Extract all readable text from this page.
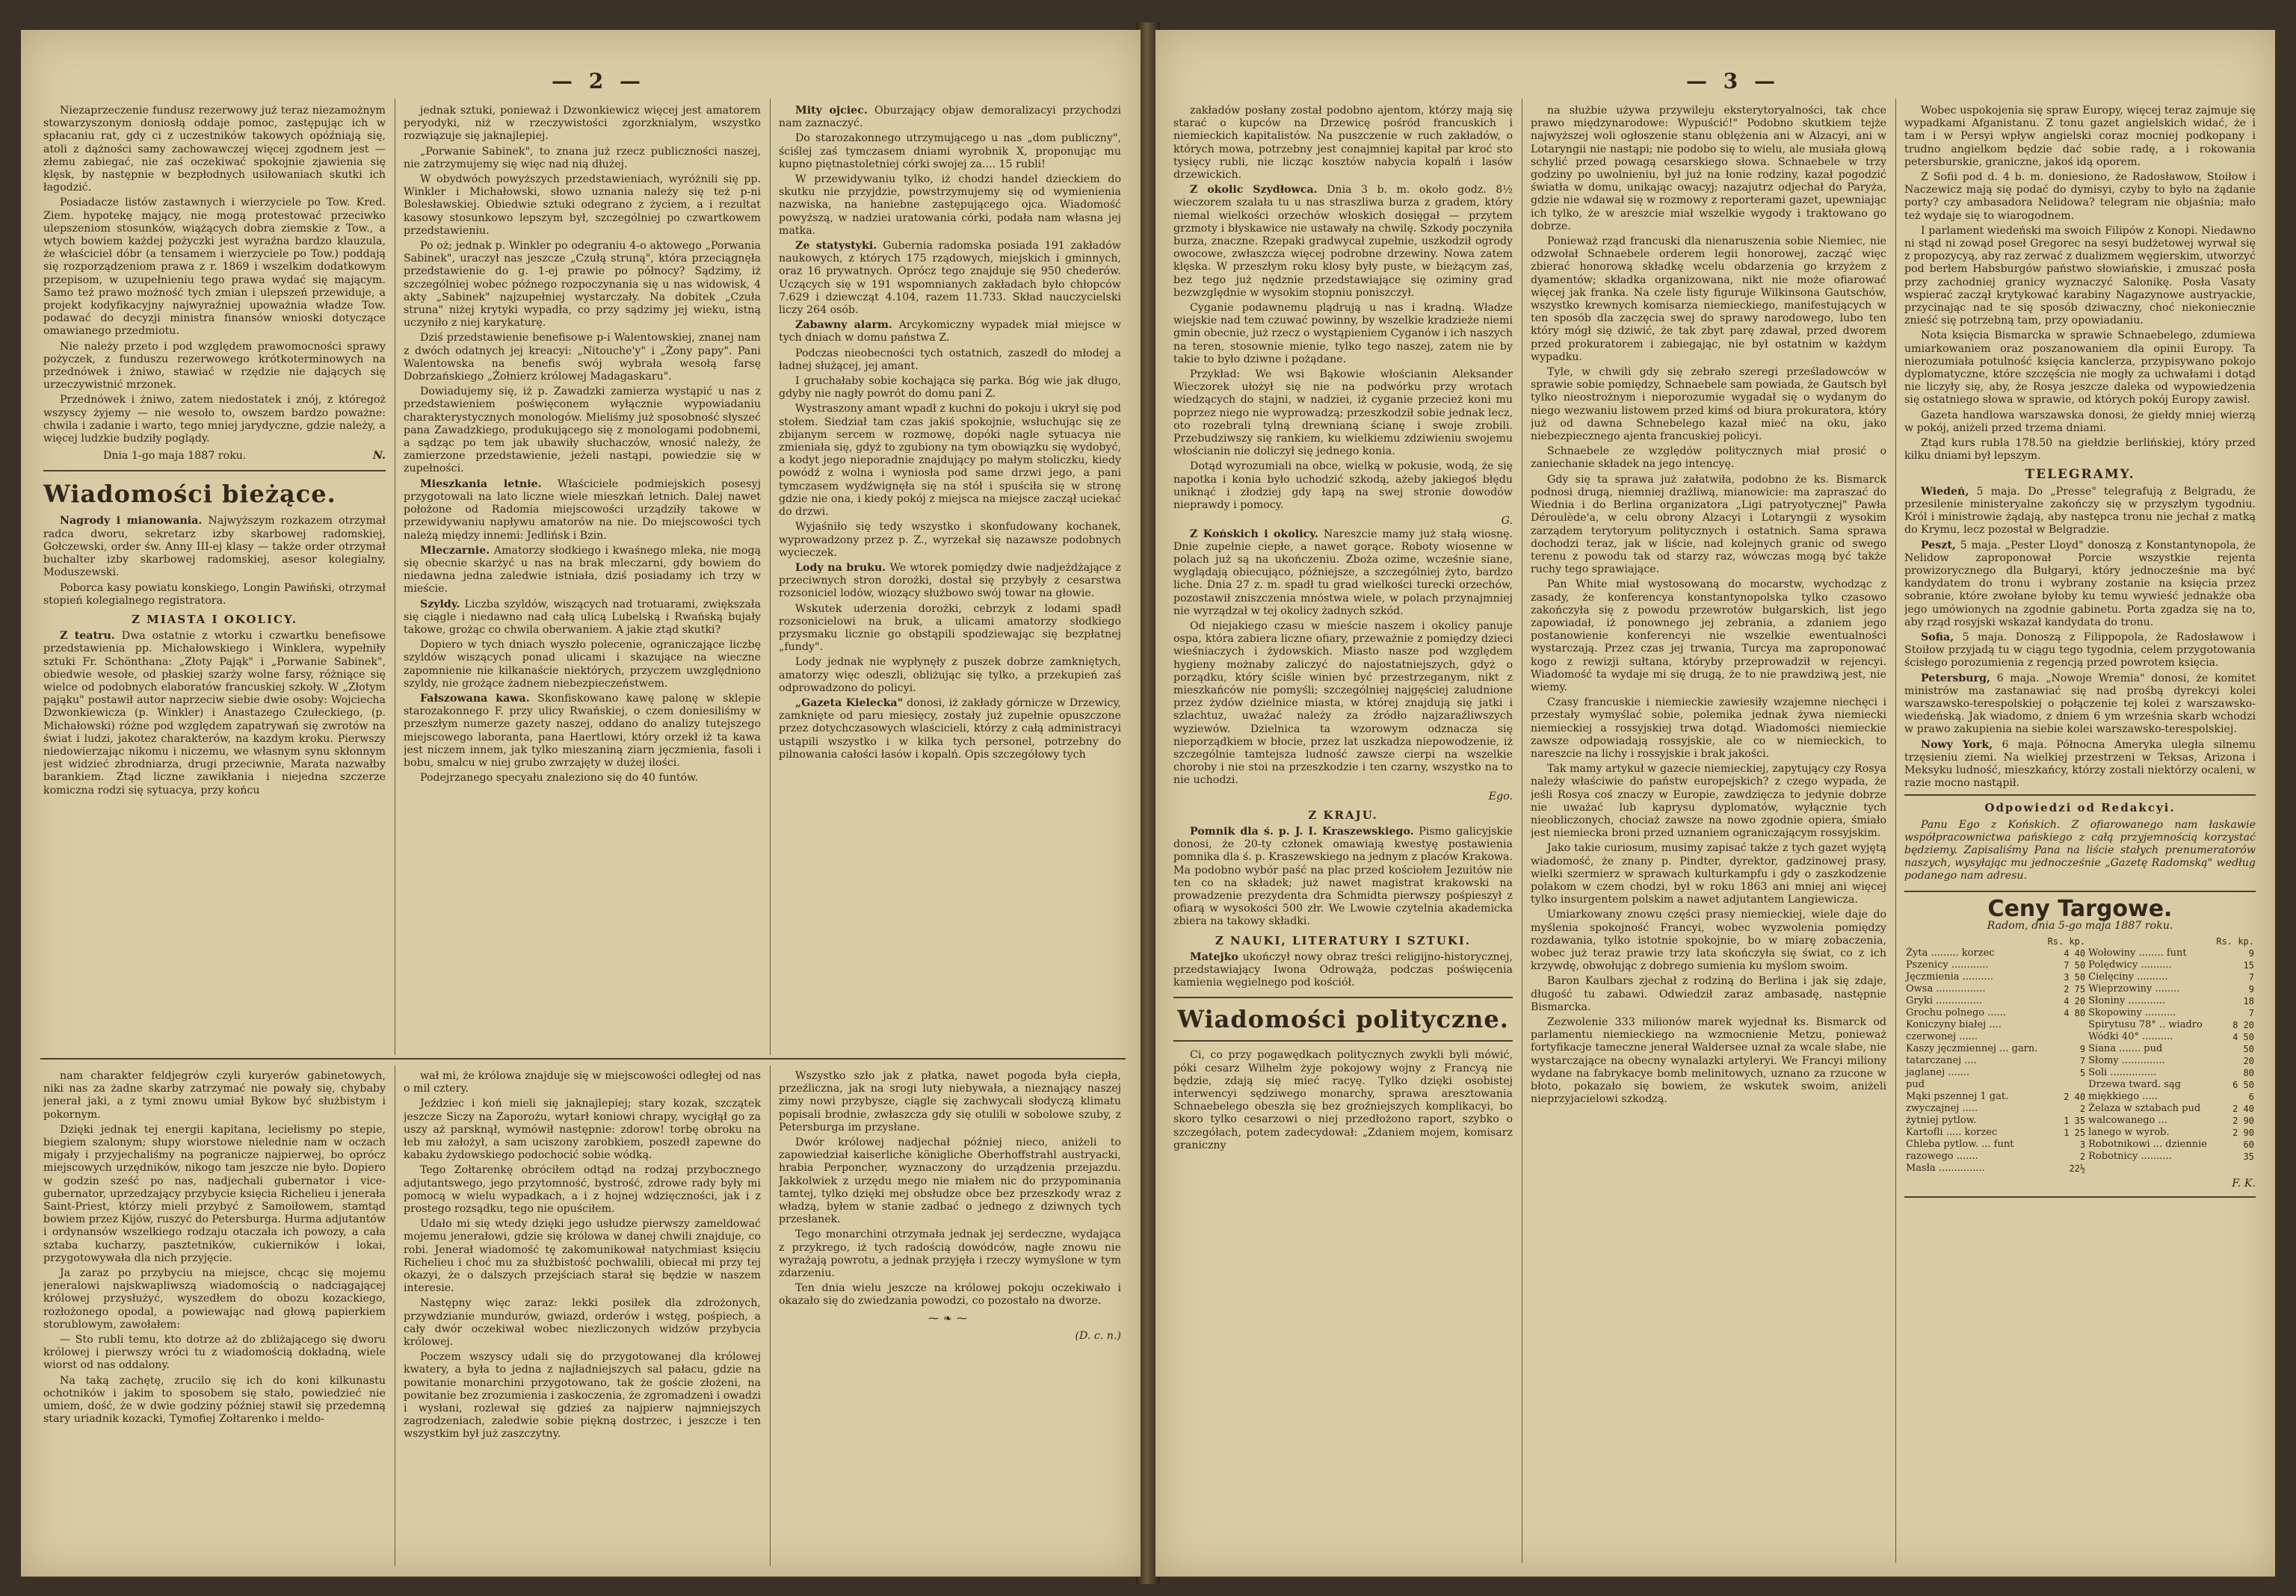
— 2 —

Niezaprzeczenie fundusz rezerwowy już teraz niezamożnym stowarzyszonym doniosłą oddaje pomoc, zastępując ich w spłacaniu rat, gdy ci z uczestników takowych opóźniają się, atoli z dążności samy zachowawczej więcej zgodnem jest — złemu zabiegać, nie zaś oczekiwać spokojnie zjawienia się klęsk, by następnie w bezpłodnych usiłowaniach skutki ich łagodzić.

Posiadacze listów zastawnych i wierzyciele po Tow. Kred. Ziem. hypotekę mający, nie mogą protestować przeciwko ulepszeniom stosunków, wiążących dobra ziemskie z Tow., a wtych bowiem każdej pożyczki jest wyraźna bardzo klauzula, że właściciel dóbr (a tensamem i wierzyciele po Tow.) poddają się rozporządzeniom prawa z r. 1869 i wszelkim dodatkowym przepisom, w uzupełnieniu tego prawa wydać się mającym. Samo też prawo możność tych zmian i ulepszeń przewiduje, a projekt kodyfikacyjny najwyraźniej upoważnia władze Tow. podawać do decyzji ministra finansów wnioski dotyczące omawianego przedmiotu.

Nie należy przeto i pod względem prawomocności sprawy pożyczek, z funduszu rezerwowego krótkoterminowych na przednówek i żniwo, stawiać w rzędzie nie dających się urzeczywistnić mrzonek.

Przednówek i żniwo, zatem niedostatek i znój, z któregoż wszyscy żyjemy — nie wesoło to, owszem bardzo poważne: chwila i zadanie i warto, tego mniej jarydyczne, gdzie należy, a więcej ludzkie budziły poglądy.

Dnia 1-go maja 1887 roku.	N.
Wiadomości bieżące.

Nagrody i mianowania. Najwyższym rozkazem otrzymał radca dworu, sekretarz izby skarbowej radomskiej, Gołczewski, order św. Anny III-ej klasy — także order otrzymał buchalter izby skarbowej radomskiej, asesor kolegialny, Moduszewski.

Poborca kasy powiatu konskiego, Longin Pawiński, otrzymał stopień kolegialnego registratora.

Z MIASTA I OKOLICY.

Z teatru. Dwa ostatnie z wtorku i czwartku benefisowe przedstawienia pp. Michałowskiego i Winklera, wypełniły sztuki Fr. Schönthana: „Złoty Pająk" i „Porwanie Sabinek", obiedwie wesołe, od płaskiej szarży wolne farsy, różniące się wielce od podobnych elaboratów francuskiej szkoły. W „Złotym pająku" postawił autor naprzeciw siebie dwie osoby: Wojciecha Dzwonkiewicza (p. Winkler) i Anastazego Czułeckiego, (p. Michałowski) różne pod względem zapatrywań się zwrotów na świat i ludzi, jakotez charakterów, na kazdym kroku. Pierwszy niedowierzając nikomu i niczemu, we własnym synu skłonnym jest widzieć zbrodniarza, drugi przeciwnie, Marata nazwałby barankiem. Ztąd liczne zawikłania i niejedna szczerze komiczna rodzi się sytuacya, przy końcu

jednak sztuki, ponieważ i Dzwonkiewicz więcej jest amatorem peryodyki, niż w rzeczywistości zgorzknialym, wszystko rozwiązuje się jaknajlepiej.

„Porwanie Sabinek", to znana już rzecz publiczności naszej, nie zatrzymujemy się więc nad nią dłużej.

W obydwóch powyższych przedstawieniach, wyróżnili się pp. Winkler i Michałowski, słowo uznania należy się też p-ni Bolesławskiej. Obiedwie sztuki odegrano z życiem, a i rezultat kasowy stosunkowo lepszym był, szczególniej po czwartkowem przedstawieniu.

Po oż; jednak p. Winkler po odegraniu 4-o aktowego „Porwania Sabinek", uraczył nas jeszcze „Czułą struną", która przeciągnęła przedstawienie do g. 1-ej prawie po północy? Sądzimy, iż szczególniej wobec późnego rozpoczynania się u nas widowisk, 4 akty „Sabinek" najzupełniej wystarczały. Na dobitek „Czuła struna" niżej krytyki wypadła, co przy sądzimy jej wieku, istną uczyniło z niej karykaturę.

Dziś przedstawienie benefisowe p-i Walentowskiej, znanej nam z dwóch odatnych jej kreacyi: „Nitouche'y" i „Żony papy". Pani Walentowska na benefis swój wybrała wesołą farsę Dobrzańskiego „Żołnierz królowej Madagaskaru".

Dowiadujemy się, iż p. Zawadzki zamierza wystąpić u nas z przedstawieniem poświęconem wyłącznie wypowiadaniu charakterystycznych monologów. Mieliśmy już sposobność słyszeć pana Zawadzkiego, produkującego się z monologami podobnemi, a sądząc po tem jak ubawiły słuchaczów, wnosić należy, że zamierzone przedstawienie, jeżeli nastąpi, powiedzie się w zupełności.

Mieszkania letnie. Właściciele podmiejskich posesyj przygotowali na lato liczne wiele mieszkań letnich. Dalej nawet położone od Radomia miejscowości urządziły takowe w przewidywaniu napływu amatorów na nie. Do miejscowości tych należą między innemi: Jedlińsk i Bzin.

Mleczarnie. Amatorzy słodkiego i kwaśnego mleka, nie mogą się obecnie skarżyć u nas na brak mleczarni, gdy bowiem do niedawna jedna zaledwie istniała, dziś posiadamy ich trzy w mieście.

Szyldy. Liczba szyldów, wiszących nad trotuarami, zwiększała się ciągle i niedawno nad całą ulicą Lubelską i Rwańską bujały takowe, grożąc co chwila oberwaniem. A jakie ztąd skutki?

Dopiero w tych dniach wyszło polecenie, ograniczające liczbę szyldów wiszących ponad ulicami i skazujące na wieczne zapomnienie nie kilkanaście niektórych, przyczem uwzględniono szyldy, nie grożące żadnem niebezpieczeństwem.

Fałszowana kawa. Skonfiskowano kawę palonę w sklepie starozakonnego F. przy ulicy Rwańskiej, o czem doniesiliśmy w przeszłym numerze gazety naszej, oddano do analizy tutejszego miejscowego laboranta, pana Haertlowi, który orzekł iż ta kawa jest niczem innem, jak tylko mieszaniną ziarn jęczmienia, fasoli i bobu, smalcu w niej grubo zwrzajęty w dużej ilości.

Podejrzanego specyału znaleziono się do 40 funtów.

Mity ojciec. Oburzający objaw demoralizacyi przychodzi nam zaznaczyć.

Do starozakonnego utrzymującego u nas „dom publiczny", ściślej zaś tymczasem dniami wyrobnik X, proponując mu kupno piętnastoletniej córki swojej za.... 15 rubli!

W przewidywaniu tylko, iż chodzi handel dzieckiem do skutku nie przyjdzie, powstrzymujemy się od wymienienia nazwiska, na haniebne zastępującego ojca. Wiadomość powyższą, w nadziei uratowania córki, podała nam własna jej matka.

Ze statystyki. Gubernia radomska posiada 191 zakładów naukowych, z których 175 rządowych, miejskich i gminnych, oraz 16 prywatnych. Oprócz tego znajduje się 950 chederów. Uczących się w 191 wspomnianych zakładach było chłopców 7.629 i dziewcząt 4.104, razem 11.733. Skład nauczycielski liczy 264 osób.

Zabawny alarm. Arcykomiczny wypadek miał miejsce w tych dniach w domu państwa Z.

Podczas nieobecności tych ostatnich, zaszedł do młodej a ładnej służącej, jej amant.

I gruchałaby sobie kochająca się parka. Bóg wie jak długo, gdyby nie nagły powrót do domu pani Z.

Wystraszony amant wpadł z kuchni do pokoju i ukrył się pod stołem. Siedział tam czas jakiś spokojnie, wsłuchując się ze zbijanym sercem w rozmowę, dopóki nagle sytuacya nie zmieniała się, gdyż to zgubiony na tym obowiązku się wydobyć, a kodyt jego nieporadnie znajdujący po małym stoliczku, kiedy powódź z wolna i wyniosła pod same drzwi jego, a pani tymczasem wydźwignęła się na stół i spuściła się w stronę gdzie nie ona, i kiedy pokój z miejsca na miejsce zaczął uciekać do drzwi.

Wyjaśniło się tedy wszystko i skonfudowany kochanek, wyprowadzony przez p. Z., wyrzekał się nazawsze podobnych wycieczek.

Lody na bruku. We wtorek pomiędzy dwie nadjeżdżające z przeciwnych stron dorożki, dostał się przybyły z cesarstwa rozsoniciel lodów, wiozący służbowo swój towar na głowie.

Wskutek uderzenia dorożki, cebrzyk z lodami spadł rozsonicielowi na bruk, a ulicami amatorzy słodkiego przysmaku licznie go obstąpili spodziewając się bezpłatnej „fundy".

Lody jednak nie wypłynęły z puszek dobrze zamkniętych, amatorzy więc odeszli, obliżując się tylko, a przekupień zaś odprowadzono do policyi.

„Gazeta Kielecka" donosi, iż zakłady górnicze w Drzewicy, zamknięte od paru miesięcy, zostały już zupełnie opuszczone przez dotychczasowych wlaścicieli, którzy z całą administracyi ustąpili wszystko i w kilka tych personel, potrzebny do pilnowania całości łasów i kopalń. Opis szczegółowy tych

nam charakter feldjegrów czyli kuryerów gabinetowych, niki nas za żadne skarby zatrzymać nie powały się, chybaby jenerał jaki, a z tymi znowu umiał Bykow być służbistym i pokornym.

Dzięki jednak tej energii kapitana, leciełismy po stepie, biegiem szalonym; słupy wiorstowe nielednie nam w oczach migały i przyjechaliśmy na pogranicze najpierwej, bo oprócz miejscowych urzędników, nikogo tam jeszcze nie było. Dopiero w godzin sześć po nas, nadjechali gubernator i vice-gubernator, uprzedzający przybycie księcia Richelieu i jenerała Saint-Priest, którzy mieli przybyć z Samoiłowem, stamtąd bowiem przez Kijów, ruszyć do Petersburga. Hurma adjutantów i ordynansów wszelkiego rodzaju otaczała ich powozy, a cała sztaba kucharzy, pasztetników, cukierników i lokai, przygotowywała dla nich przyjęcie.

Ja zaraz po przybyciu na miejsce, chcąc się mojemu jeneralowi najskwapliwszą wiadomością o nadciągającej królowej przysłużyć, wyszedłem do obozu kozackiego, rozłożonego opodal, a powiewając nad głową papierkiem storublowym, zawołałem:

— Sto rubli temu, kto dotrze aż do zbliżającego się dworu królowej i pierwszy wróci tu z wiadomością dokładną, wiele wiorst od nas oddalony.

Na taką zachętę, zrucilo się ich do koni kilkunastu ochotników i jakim to sposobem się stało, powiedzieć nie umiem, dość, że w dwie godziny później stawił się przedemną stary uriadnik kozacki, Tymofiej Zołtarenko i meldo-

wał mi, że królowa znajduje się w miejscowości odległej od nas o mil cztery.

Jeździec i koń mieli się jaknajlepiej; stary kozak, szczątek jeszcze Siczy na Zaporożu, wytarł koniowi chrapy, wycigłął go za uszy aż parsknął, wymówił następnie: zdorow! torbę obroku na łeb mu założył, a sam uciszony zarobkiem, poszedł zapewne do kabaku żydowskiego podochocić sobie wódką.

Tego Zołtarenkę obróciłem odtąd na rodzaj przybocznego adjutantswego, jego przytomność, bystrość, zdrowe rady były mi pomocą w wielu wypadkach, a i z hojnej wdzięczności, jak i z prostego rozsądku, tego nie opuściłem.

Udało mi się wtedy dzięki jego usłudze pierwszy zameldować mojemu jenerałowi, gdzie się królowa w danej chwili znajduje, co robi. Jenerał wiadomość tę zakomunikował natychmiast księciu Richelieu i choć mu za służbistość pochwalili, obiecał mi przy tej okazyi, że o dalszych przejściach starał się będzie w naszem interesie.

Następny więc zaraz: lekki posiłek dla zdrożonych, przywdzianie mundurów, gwiazd, orderów i wstęg, pośpiech, a cały dwór oczekiwał wobec niezliczonych widzów przybycia królowej.

Poczem wszyscy udali się do przygotowanej dla królowej kwatery, a była to jedna z najładniejszych sal pałacu, gdzie na powitanie monarchini przygotowano, tak że goście złożeni, na powitanie bez zrozumienia i zaskoczenia, że zgromadzeni i owadzi i wysłani, rozlewał się gdzieś za najpierw najmniejszych zagrodzeniach, zaledwie sobie piękną dostrzec, i jeszcze i ten wszystkim był już zaszczytny.

Wszystko szło jak z płatka, nawet pogoda była ciepła, przeźliczna, jak na srogi luty niebywała, a nieznający naszej zimy nowi przybysze, ciągle się zachwycali słodyczą klimatu popisali brodnie, zwłaszcza gdy się otulili w sobolowe szuby, z Petersburga im przysłane.

Dwór królowej nadjechał później nieco, aniżeli to zapowiedział kaiserliche königliche Oberhoffstrahl austryacki, hrabia Perponcher, wyznaczony do urządzenia przejazdu. Jakkolwiek z urzędu mego nie miałem nic do przypominania tamtej, tylko dzięki mej obsłudze obce bez przeszkody wraz z władzą, byłem w stanie zadbać o jednego z dziwnych tych przesłanek.

Tego monarchini otrzymała jednak jej serdeczne, wydająca z przykrego, iż tych radością dowódców, nagłe znowu nie wyrażają powrotu, a jednak przyjęła i rzeczy wymyślone w tym zdarzeniu.

Ten dnia wielu jeszcze na królowej pokoju oczekiwało i okazało się do zwiedzania powodzi, co pozostało na dworze.

⁓❧⁓
(D. c. n.)
— 3 —

zakładów posłany został podobno ajentom, którzy mają się starać o kupców na Drzewicę pośród francuskich i niemieckich kapitalistów. Na puszczenie w ruch zakładów, o których mowa, potrzebny jest conajmniej kapitał par kroć sto tysięcy rubli, nie licząc kosztów nabycia kopalń i lasów drzewickich.

Z okolic Szydłowca. Dnia 3 b. m. około godz. 8½ wieczorem szalała tu u nas straszliwa burza z gradem, który niemal wielkości orzechów włoskich dosięgał — przytem grzmoty i błyskawice nie ustawały na chwilę. Szkody poczyniła burza, znaczne. Rzepaki gradwycał zupełnie, uszkodził ogrody owocowe, zwłaszcza więcej podrobne drzewiny. Nowa zatem klęska. W przeszłym roku klosy były puste, w bieżącym zaś, bez tego już nędznie przedstawiające się oziminy grad bezwzględnie w wysokim stopniu poniszczył.

Cyganie podawnemu plądrują u nas i kradną. Władze wiejskie nad tem czuwać powinny, by wszelkie kradzieże niemi gmin obecnie, już rzecz o wystąpieniem Cyganów i ich naszych na teren, stosownie mienie, tylko tego naszej, zatem nie by takie to było dziwne i pożądane.

Przykład: We wsi Bąkowie włościanin Aleksander Wieczorek ułożył się nie na podwórku przy wrotach wiedzących do stajni, w nadziei, iż cyganie przecież koni mu poprzez niego nie wyprowadzą; przeszkodził sobie jednak lecz, oto rozebrali tylną drewnianą ścianę i swoje zrobili. Przebudziwszy się rankiem, ku wielkiemu zdziwieniu swojemu włościanin nie doliczył się jednego konia.

Dotąd wyrozumiali na obce, wielką w pokusie, wodą, że się napotka i konia było uchodzić szkodą, ażeby jakiegoś błędu uniknąć i złodziej gdy łapą na swej stronie dowodów nieprawdy i pomocy.

G.

Z Końskich i okolicy. Nareszcie mamy już stałą wiosnę. Dnie zupełnie ciepłe, a nawet gorące. Roboty wiosenne w polach już są na ukończeniu. Zboża ozime, wcześnie siane, wyglądają obiecująco, późniejsze, a szczególniej żyto, bardzo liche. Dnia 27 z. m. spadł tu grad wielkości turecki orzechów, pozostawił zniszczenia mnóstwa wiele, w polach przynajmniej nie wyrządzał w tej okolicy żadnych szkód.

Od niejakiego czasu w mieście naszem i okolicy panuje ospa, która zabiera liczne ofiary, przeważnie z pomiędzy dzieci wieśniaczych i żydowskich. Miasto nasze pod względem hygieny możnaby zaliczyć do najostatniejszych, gdyż o porządku, który ściśle winien być przestrzeganym, nikt z mieszkańców nie pomyśli; szczególniej najgęściej zaludnione przez żydów dzielnice miasta, w której znajdują się jatki i szlachtuz, uważać należy za źródło najzaraźliwszych wyziewów. Dzielnica ta wzorowym odznacza się nieporządkiem w błocie, przez lat uszkadza niepowodzenie, iż szczególnie tamtejsza ludność zawsze cierpi na wszelkie choroby i nie stoi na przeszkodzie i ten czarny, wszystko na to nie uchodzi.

Ego.
Z KRAJU.

Pomnik dla ś. p. J. I. Kraszewskiego. Pismo galicyjskie donosi, że 20-ty członek omawiają kwestyę postawienia pomnika dla ś. p. Kraszewskiego na jednym z placów Krakowa. Ma podobno wybór paść na plac przed kościołem Jezuitów nie ten co na składek; już nawet magistrat krakowski na prowadzenie prezydenta dra Schmidta pierwszy pośpieszył z ofiarą w wysokości 500 złr. We Lwowie czytelnia akademicka zbiera na takowy składki.

Z NAUKI, LITERATURY I SZTUKI.

Matejko ukończył nowy obraz treści religijno-historycznej, przedstawiający Iwona Odrowąża, podczas poświęcenia kamienia węgielnego pod kościół.

Wiadomości polityczne.

Ci, co przy pogawędkach politycznych zwykli byli mówić, póki cesarz Wilhelm żyje pokojowy wojny z Francyą nie będzie, zdają się mieć racyę. Tylko dzięki osobistej interwencyi sędziwego monarchy, sprawa aresztowania Schnaebelego obeszła się bez groźniejszych komplikacyi, bo skoro tylko cesarzowi o niej przedłożono raport, szybko o szczegółach, potem zadecydował: „Zdaniem mojem, komisarz graniczny

na służbie używa przywileju eksterytoryalności, tak chce prawo międzynarodowe: Wypuścić!" Podobno skutkiem tejże najwyższej woli ogłoszenie stanu oblężenia ani w Alzacyi, ani w Lotaryngii nie nastąpi; nie podobo się to wielu, ale musiała głową schylić przed powagą cesarskiego słowa. Schnaebele w trzy godziny po uwolnieniu, był już na łonie rodziny, kazał pogodzić światła w domu, unikając owacyj; nazajutrz odjechał do Paryża, gdzie nie wdawał się w rozmowy z reporterami gazet, upewniając ich tylko, że w areszcie miał wszelkie wygody i traktowano go dobrze.

Ponieważ rząd francuski dla nienaruszenia sobie Niemiec, nie odzwołał Schnaebele orderem legii honorowej, zacząć więc zbierać honorową składkę wcelu obdarzenia go krzyżem z dyamentów; składka organizowana, nikt nie może ofiarować więcej jak franka. Na czele listy figuruje Wilkinsona Gautschów, wszystko krewnych komisarza niemieckiego, manifestujących w ten sposób dla zaczęcia swej do sprawy narodowego, lubo ten który mógł się dziwić, że tak zbyt parę zdawał, przed dworem przed prokuratorem i zabiegając, nie był ostatnim w każdym wypadku.

Tyle, w chwili gdy się zebrało szeregi prześladowców w sprawie sobie pomiędzy, Schnaebele sam powiada, że Gautsch był tylko nieostrożnym i nieporozumie wygadał się o wydanym do niego wezwaniu listowem przed kimś od biura prokuratora, który już od dawna Schnebelego kazał mieć na oku, jako niebezpiecznego ajenta francuskiej policyi.

Schnaebele ze względów politycznych miał prosić o zaniechanie składek na jego intencyę.

Gdy się ta sprawa już załatwiła, podobno że ks. Bismarck podnosi drugą, niemniej drażliwą, mianowicie: ma zapraszać do Wiednia i do Berlina organizatora „Ligi patryotycznej" Pawła Déroulède'a, w celu obrony Alzacyi i Lotaryngii z wysokim zarządem terytoryum politycznych i ostatnich. Sama sprawa dochodzi teraz, jak w liście, nad kolejnych granic od swego terenu z powodu tak od starzy raz, wówczas mogą być także ruchy tego sprawiające.

Pan White miał wystosowaną do mocarstw, wychodząc z zasady, że konferencya konstantynopolska tylko czasowo zakończyła się z powodu przewrotów bułgarskich, list jego zapowiadał, iż ponownego jej zebrania, a zdaniem jego postanowienie konferencyi nie wszelkie ewentualności wystarczają. Przez czas jej trwania, Turcya ma zaproponować kogo z rewizji sułtana, któryby przeprowadził w rejencyi. Wiadomość ta wydaje mi się drugą, że to nie prawdziwą jest, nie wiemy.

Czasy francuskie i niemieckie zawiesiły wzajemne niechęci i przestały wymyślać sobie, polemika jednak żywa niemiecki niemieckiej a rossyjskiej trwa dotąd. Wiadomości niemieckie zawsze odpowiadają rossyjskie, ale co w niemieckich, to nareszcie na lichy i rossyjskie i brak jakości.

Tak mamy artykuł w gazecie niemieckiej, zapytujący czy Rosya należy właściwie do państw europejskich? z czego wypada, że jeśli Rosya coś znaczy w Europie, zawdzięcza to jedynie dobrze nie uważać lub kaprysu dyplomatów, wyłącznie tych nieobliczonych, chociaż zawsze na nowo zgodnie opiera, śmiało jest niemiecka broni przed uznaniem ograniczającym rossyjskim.

Jako takie curiosum, musimy zapisać także z tych gazet wyjętą wiadomość, że znany p. Pindter, dyrektor, gadzinowej prasy, wielki szermierz w sprawach kulturkampfu i gdy o zaszkodzenie polakom w czem chodzi, był w roku 1863 ani mniej ani więcej tylko insurgentem polskim a nawet adjutantem Langiewicza.

Umiarkowany znowu części prasy niemieckiej, wiele daje do myślenia spokojność Francyi, wobec wyzwolenia pomiędzy rozdawania, tylko istotnie spokojnie, bo w miarę zobaczenia, wobec już teraz prawie trzy lata skończyła się świat, co z ich krzywdę, obwołując z dobrego sumienia ku myślom swoim.

Baron Kaulbars zjechał z rodziną do Berlina i jak się zdaje, długość tu zabawi. Odwiedził zaraz ambasadę, następnie Bismarcka.

Zezwolenie 333 milionów marek wyjednał ks. Bismarck od parlamentu niemieckiego na wzmocnienie Metzu, ponieważ fortyfikacje tameczne jenerał Waldersee uznał za wcale słabe, nie wystarczające na obecny wynalazki artyleryi. We Francyi miliony wydane na fabrykacye bomb melinitowych, uznano za rzucone w błoto, pokazało się bowiem, że wskutek swoim, aniżeli nieprzyjacielowi szkodzą.

Wobec uspokojenia się spraw Europy, więcej teraz zajmuje się wypadkami Afganistanu. Z tonu gazet angielskich widać, że i tam i w Persyi wpływ angielski coraz mocniej podkopany i trudno angielkom będzie dać sobie radę, a i rokowania petersburskie, graniczne, jakoś idą oporem.

Z Sofii pod d. 4 b. m. doniesiono, że Radosławow, Stoiłow i Naczewicz mają się podać do dymisyi, czyby to było na żądanie porty? czy ambasadora Nelidowa? telegram nie objaśnia; mało też wydaje się to wiarogodnem.

I parlament wiedeński ma swoich Filipów z Konopi. Niedawno ni stąd ni zowąd poseł Gregorec na sesyi budżetowej wyrwał się z propozycyą, aby raz zerwać z dualizmem węgierskim, utworzyć pod berłem Habsburgów państwo słowiańskie, i zmuszać posła przy zachodniej granicy wyznaczyć Salonikę. Posła Vasaty wspierać zaczął krytykować karabiny Nagazynowe austryackie, przycinając nad te się sposób dziwaczny, choć niekoniecznie znieść się potrzebną tam, przy opowiadaniu.

Nota księcia Bismarcka w sprawie Schnaebelego, zdumiewa umiarkowaniem oraz poszanowaniem dla opinii Europy. Ta nierozumiała potulność księcia kanclerza, przypisywano pokojo dyplomatyczne, które szczęścia nie mogły za uchwałami i dotąd nie liczyły się, aby, że Rosya jeszcze daleka od wypowiedzenia się ostatniego słowa w sprawie, od których pokój Europy zawisł.

Gazeta handlowa warszawska donosi, że giełdy mniej wierzą w pokój, aniżeli przed trzema dniami.

Ztąd kurs rubla 178.50 na giełdzie berlińskiej, który przed kilku dniami był lepszym.

TELEGRAMY.

Wiedeń, 5 maja. Do „Presse" telegrafują z Belgradu, że przesilenie ministeryalne zakończy się w przyszłym tygodniu. Król i ministrowie żądają, aby następca tronu nie jechał z matką do Krymu, lecz pozostał w Belgradzie.

Peszt, 5 maja. „Pester Lloyd" donoszą z Konstantynopola, że Nelidow zaproponował Porcie wszystkie rejenta prowizorycznego dla Bułgaryi, który jednocześnie ma być kandydatem do tronu i wybrany zostanie na księcia przez sobranie, które zwołane byłoby ku temu wywieść jednakże oba jego umówionych na zgodnie gabinetu. Porta zgadza się na to, aby rząd rosyjski wskazał kandydata do tronu.

Sofia, 5 maja. Donoszą z Filippopola, że Radosławow i Stoiłow przyjadą tu w ciągu tego tygodnia, celem przygotowania ścisłego porozumienia z regencją przed powrotem księcia.

Petersburg, 6 maja. „Nowoje Wremia" donosi, że komitet ministrów ma zastanawiać się nad prośbą dyrekcyi kolei warszawsko-terespolskiej o połączenie tej kolei z warszawsko-wiedeńską. Jak wiadomo, z dniem 6 ym września skarb wchodzi w prawo zakupienia na siebie kolei warszawsko-terespolskiej.

Nowy York, 6 maja. Północna Ameryka uległa silnemu trzęsieniu ziemi. Na wielkiej przestrzeni w Teksas, Arizona i Meksyku ludność, mieszkańcy, którzy zostali niektórzy ocaleni, w razie mocno nastąpił.

Odpowiedzi od Redakcyi.

Panu Ego z Końskich. Z ofiarowanego nam łaskawie współpracownictwa pańskiego z całą przyjemnością korzystać będziemy. Zapisaliśmy Pana na liście stałych prenumeratorów naszych, wysyłając mu jednocześnie „Gazetę Radomską" według podanego nam adresu.

Ceny Targowe.
Radom, dnia 5-go maja 1887 roku.
	Rs. kp.		Rs. kp.
Żyta ......... korzec	4 40	Wołowiny ........ funt	9
Pszenicy ............	7 50	Polędwicy ..........	15
Jęczmienia ..........	3 50	Cielęciny ..........	7
Owsa ................	2 75	Wieprzowiny ........	9
Gryki ...............	4 20	Słoniny ............	18
Grochu polnego ......	4 80	Skopowiny ..........	7
Koniczyny białej ....		Spirytusu 78° .. wiadro	8 20
czerwonej ......		Wódki 40° ..........	4 50
Kaszy jęczmiennej ... garn.	9	Siana ....... pud	50
tatarczanej ....	7	Słomy ..............	20
jaglanej .......	5	Soli ...............	80
pud		Drzewa tward. sąg	6 50
Mąki pszennej 1 gat.	2 40	miękkiego .....	6
zwyczajnej .....	2	Żelaza w sztabach pud	2 40
żytniej pytlow.	1 35	walcowanego ...	2 90
Kartofli ..... korzec	1 25	lanego w wyrob.	2 90
Chleba pytlow. ... funt	3	Robotnikowi ... dziennie	60
razowego .......	2	Robotnicy ..........	35
Masła ...............	22½		
F. K.
